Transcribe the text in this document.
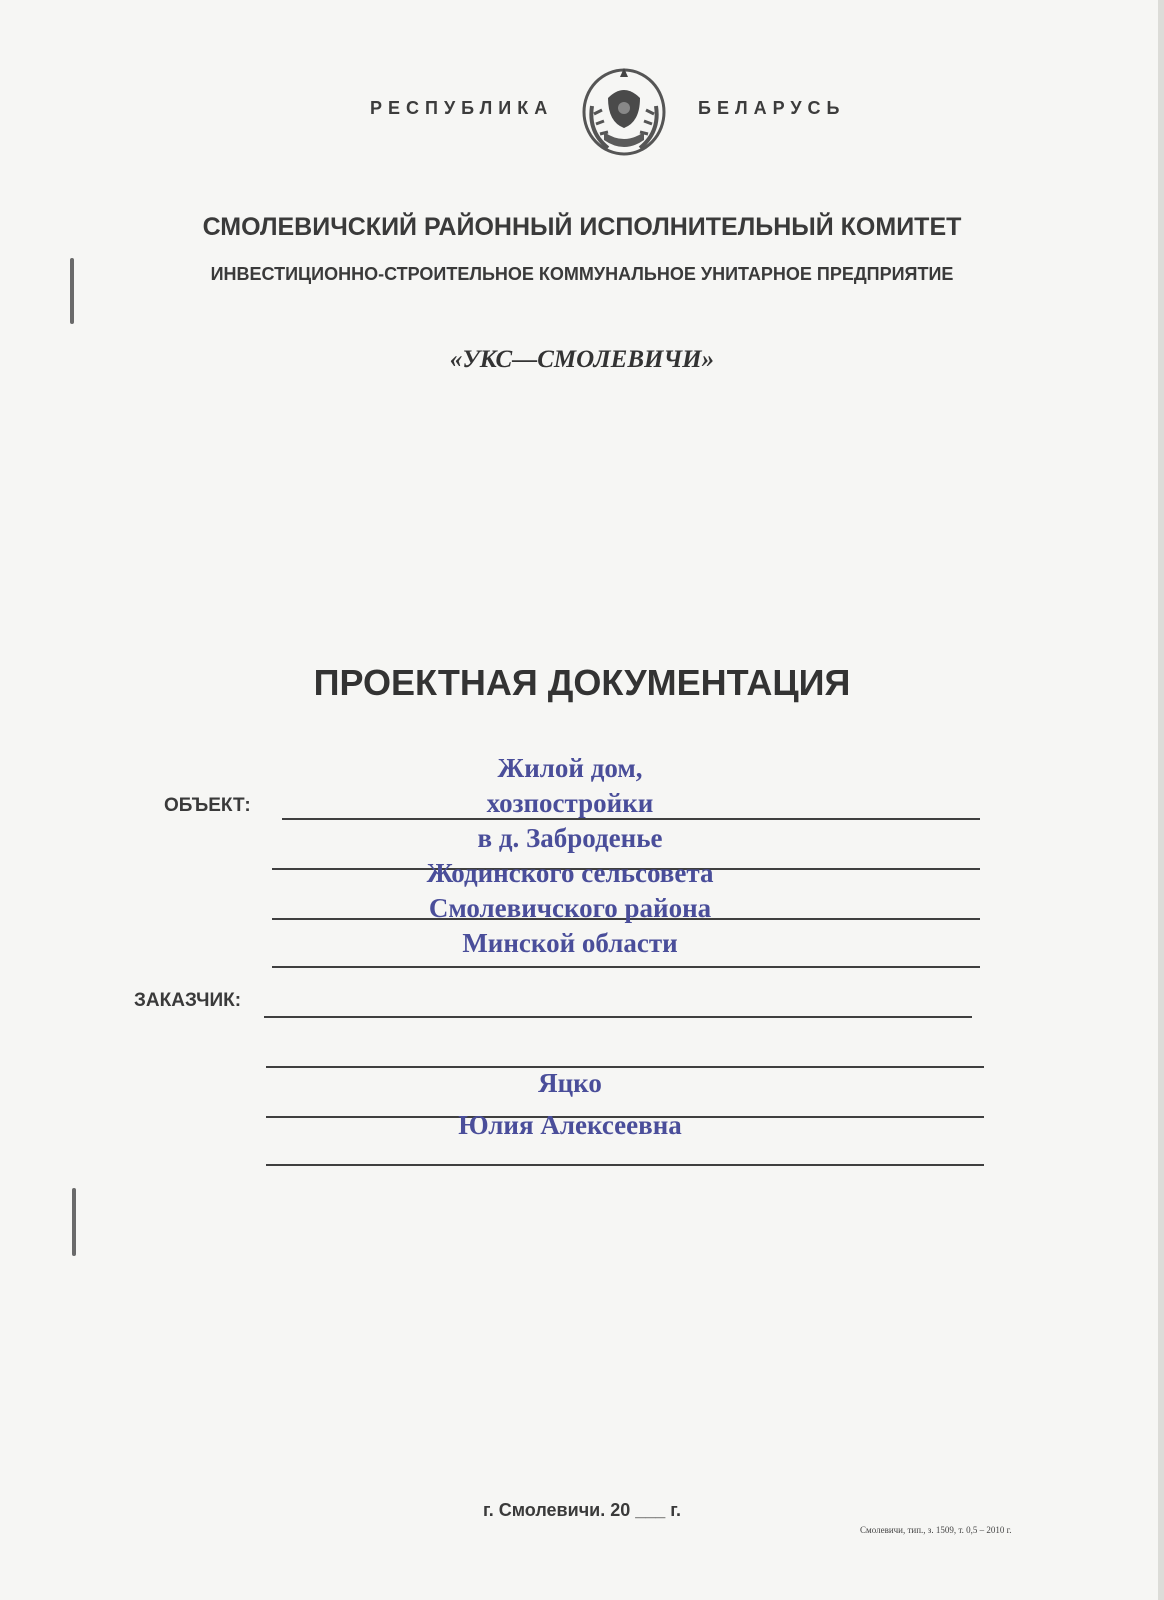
РЕСПУБЛИКА	БЕЛАРУСЬ
СМОЛЕВИЧСКИЙ РАЙОННЫЙ ИСПОЛНИТЕЛЬНЫЙ КОМИТЕТ
ИНВЕСТИЦИОННО-СТРОИТЕЛЬНОЕ КОММУНАЛЬНОЕ УНИТАРНОЕ ПРЕДПРИЯТИЕ
«УКС—СМОЛЕВИЧИ»
ПРОЕКТНАЯ ДОКУМЕНТАЦИЯ
ОБЪЕКТ:
Жилой дом,
хозпостройки
в д. Заброденье
Жодинского сельсовета
Смолевичского района
Минской области
ЗАКАЗЧИК:
Яцко
Юлия Алексеевна
г. Смолевичи. 20 ___ г.
Смолевичи, тип., з. 1509, т. 0,5 – 2010 г.
